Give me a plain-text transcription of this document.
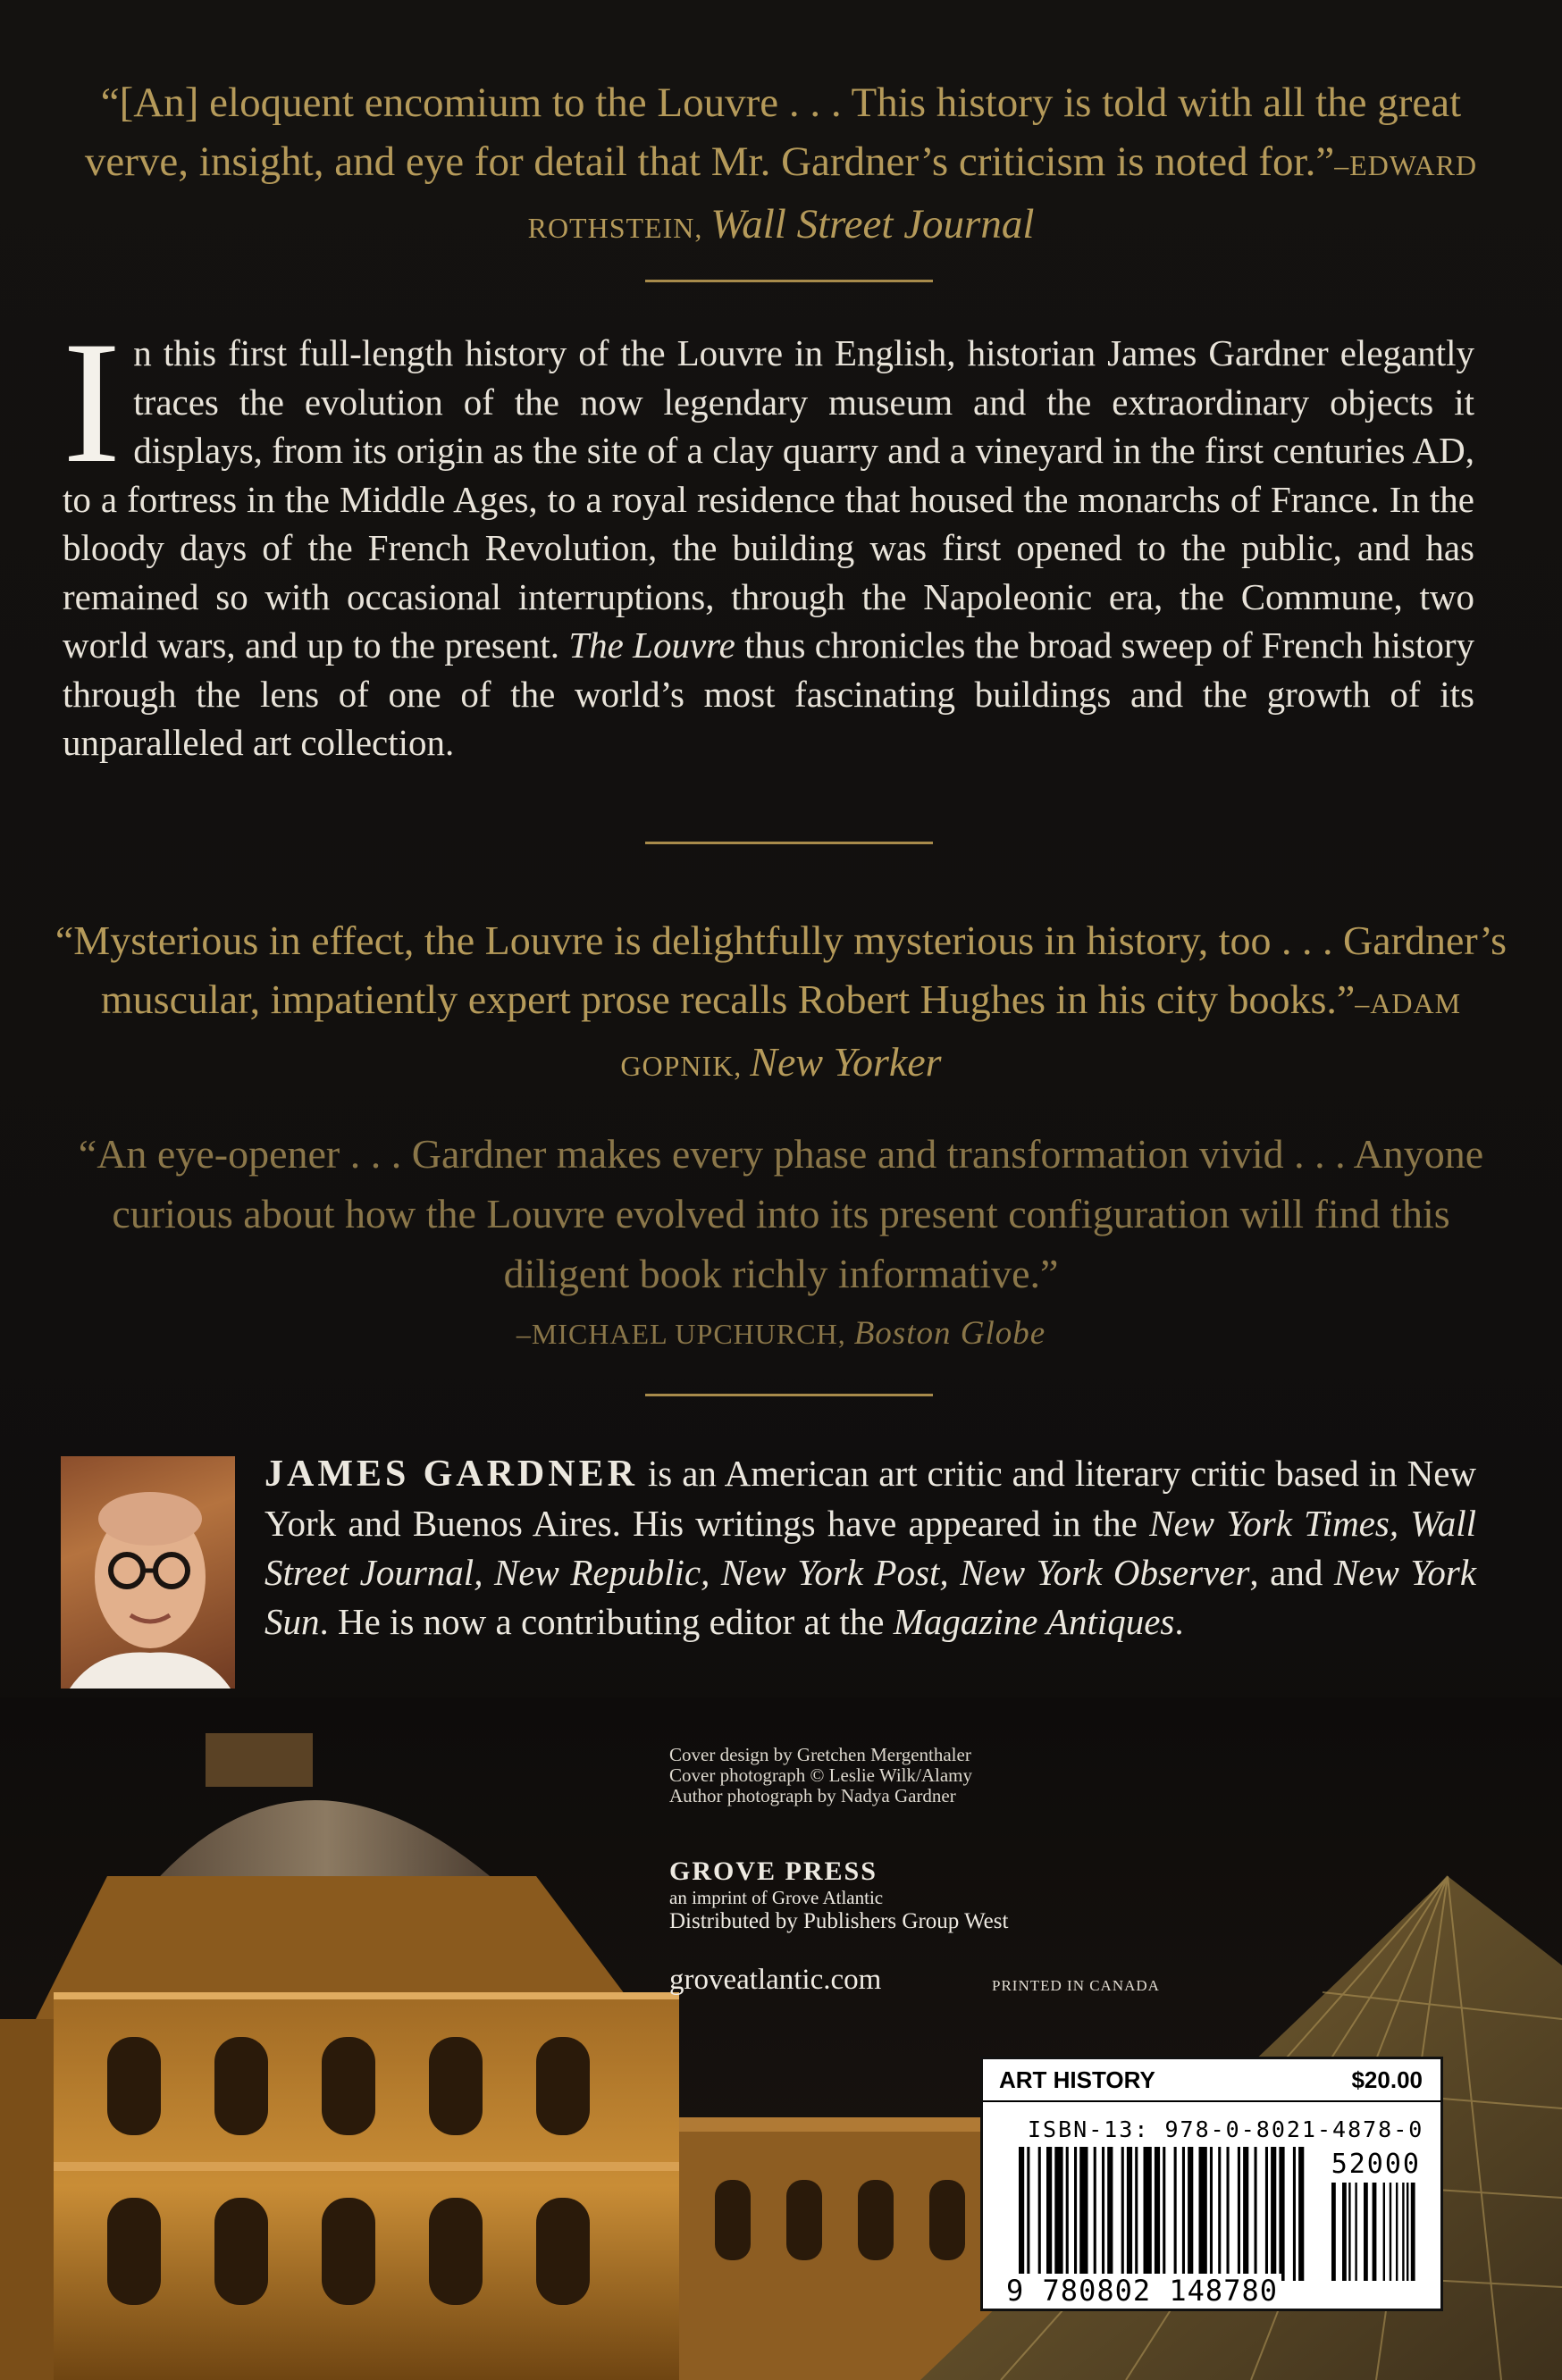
“[An] eloquent encomium to the Louvre . . . This history is told with all the great verve, insight, and eye for detail that Mr. Gardner’s criticism is noted for.”–EDWARD ROTHSTEIN, Wall Street Journal

In this first full-length history of the Louvre in English, historian James Gardner elegantly traces the evolution of the now legendary museum and the extraordinary objects it displays, from its origin as the site of a clay quarry and a vineyard in the first centuries AD, to a fortress in the Middle Ages, to a royal residence that housed the monarchs of France. In the bloody days of the French Revolution, the building was first opened to the public, and has remained so with occasional interruptions, through the Napoleonic era, the Commune, two world wars, and up to the present. The Louvre thus chronicles the broad sweep of French history through the lens of one of the world’s most fascinating buildings and the growth of its unparalleled art collection.

“Mysterious in effect, the Louvre is delightfully mysterious in history, too . . . Gardner’s muscular, impatiently expert prose recalls Robert Hughes in his city books.”–ADAM GOPNIK, New Yorker

“An eye-opener . . . Gardner makes every phase and transformation vivid . . . Anyone curious about how the Louvre evolved into its present configuration will find this diligent book richly informative.”
–MICHAEL UPCHURCH, Boston Globe

JAMES GARDNER is an American art critic and literary critic based in New York and Buenos Aires. His writings have appeared in the New York Times, Wall Street Journal, New Republic, New York Post, New York Observer, and New York Sun. He is now a contributing editor at the Magazine Antiques.
Cover design by Gretchen Mergenthaler
Cover photograph © Leslie Wilk/Alamy
Author photograph by Nadya Gardner
GROVE PRESS
an imprint of Grove Atlantic
Distributed by Publishers Group West
groveatlantic.com	PRINTED IN CANADA
ART HISTORY	$20.00
ISBN-13: 978-0-8021-4878-0
52000
9 780802 148780
